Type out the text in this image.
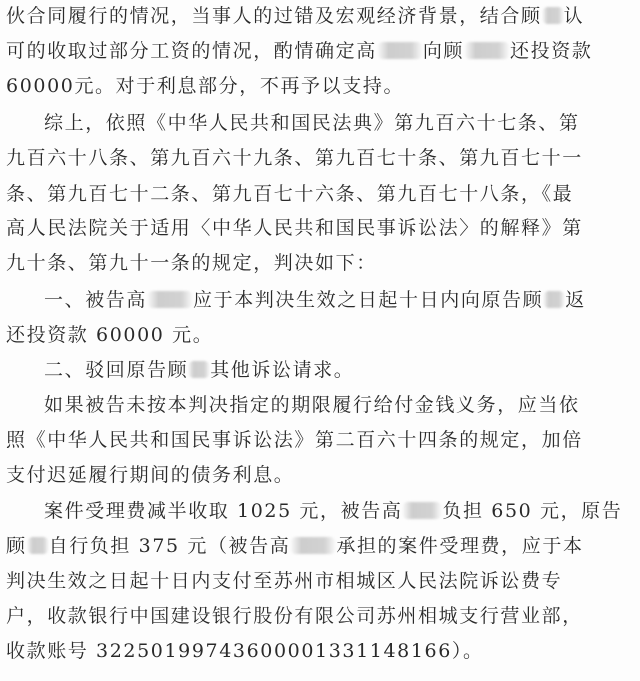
伙合同履行的情况，当事人的过错及宏观经济背景，结合顾 认
可的收取过部分工资的情况，酌情确定高 向顾 还投资款
60000元。对于利息部分，不再予以支持。
综上，依照《中华人民共和国民法典》第九百六十七条、第
九百六十八条、第九百六十九条、第九百七十条、第九百七十一
条、第九百七十二条、第九百七十六条、第九百七十八条，《最
高人民法院关于适用〈中华人民共和国民事诉讼法〉的解释》第
九十条、第九十一条的规定，判决如下：
一、被告高 应于本判决生效之日起十日内向原告顾 返
还投资款 60000 元。
二、驳回原告顾 其他诉讼请求。
如果被告未按本判决指定的期限履行给付金钱义务，应当依
照《中华人民共和国民事诉讼法》第二百六十四条的规定，加倍
支付迟延履行期间的债务利息。
案件受理费减半收取 1025 元，被告高 负担 650 元，原告
顾 自行负担 375 元（被告高 承担的案件受理费，应于本
判决生效之日起十日内支付至苏州市相城区人民法院诉讼费专
户，收款银行中国建设银行股份有限公司苏州相城支行营业部，
收款账号 32250199743600001331148166）。
